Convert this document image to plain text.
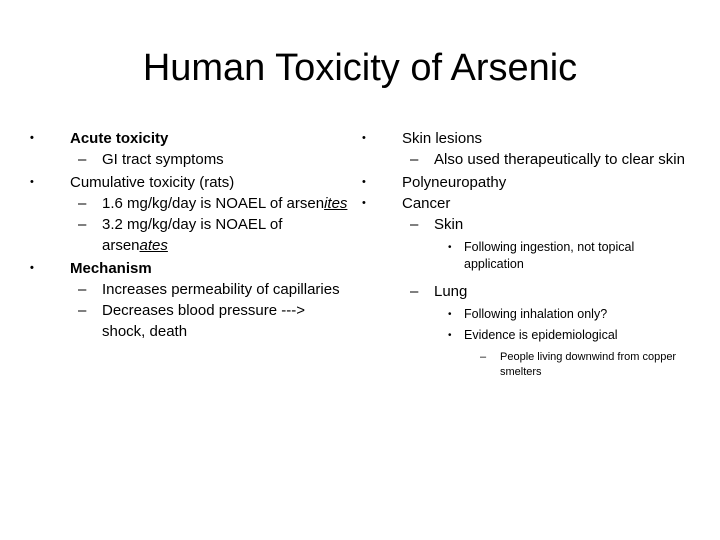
Human Toxicity of Arsenic
•	Acute toxicity
–	GI tract symptoms
•	Cumulative toxicity (rats)
–	1.6 mg/kg/day is NOAEL of arsenites
–	3.2 mg/kg/day is NOAEL of arsenates
•	Mechanism
–	Increases permeability of capillaries
–	Decreases blood pressure ---> shock, death
•	Skin lesions
–	Also used therapeutically to clear skin
•	Polyneuropathy
•	Cancer
–	Skin
• Following ingestion, not topical application
–	Lung
• Following inhalation only?
• Evidence is epidemiological
– People living downwind from copper smelters
